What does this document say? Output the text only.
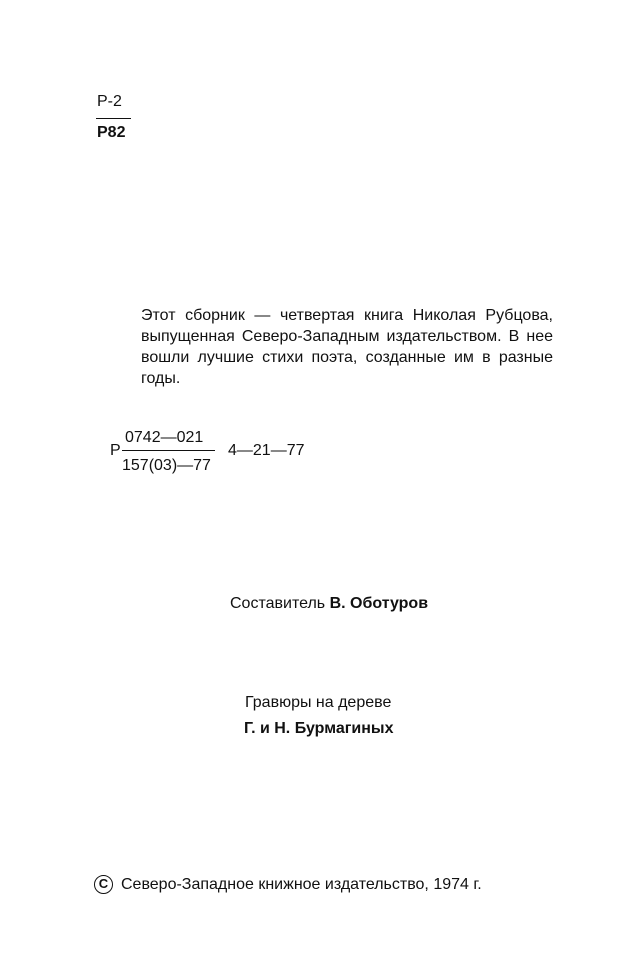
Р-2
Р82

Этот сборник — четвертая книга Николая Рубцова, выпущенная Северо-Западным издательством. В нее вошли лучшие стихи поэта, созданные им в разные годы.

Р
0742—021
157(03)—77
4—21—77
Составитель В. Оботуров
Гравюры на дереве
Г. и Н. Бурмагиных
C Северо-Западное книжное издательство, 1974 г.
